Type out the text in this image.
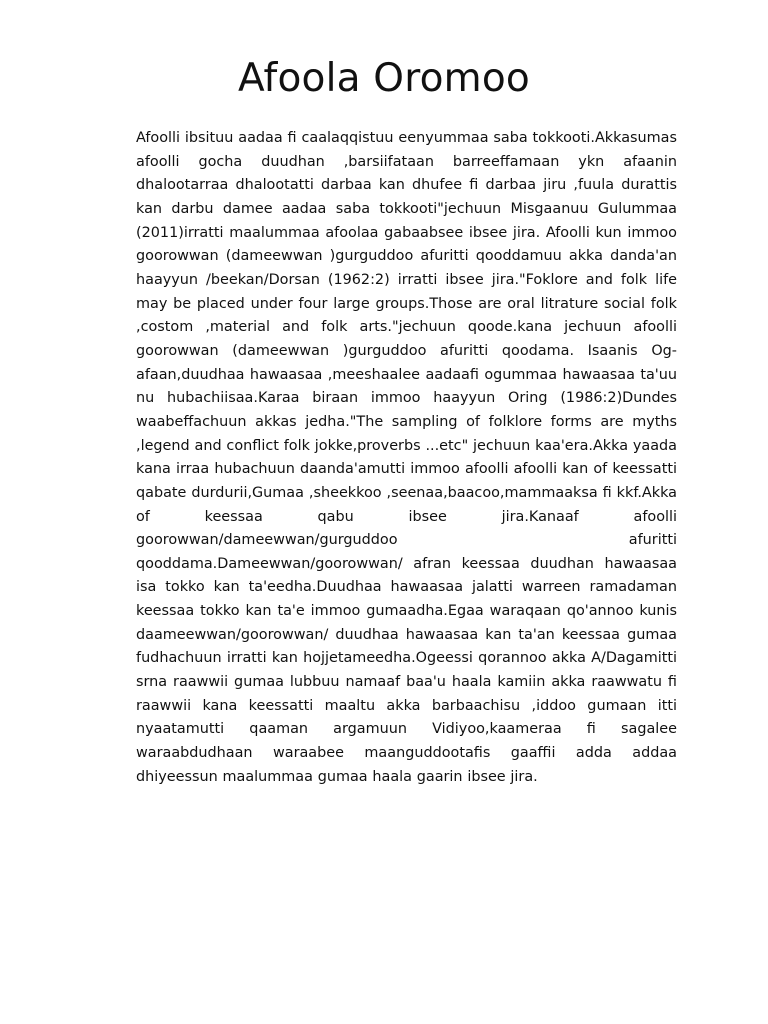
Afoola Oromoo

Afoolli ibsituu aadaa fi caalaqqistuu eenyummaa saba tokkooti.Akkasumas afoolli gocha duudhan ,barsiifataan barreeffamaan ykn afaanin dhalootarraa dhalootatti darbaa kan dhufee fi darbaa jiru ,fuula durattis kan darbu damee aadaa saba tokkooti"jechuun Misgaanuu Gulummaa (2011)irratti maalummaa afoolaa gabaabsee ibsee jira. Afoolli kun immoo goorowwan (dameewwan )gurguddoo afuritti qooddamuu akka danda'an haayyun /beekan/Dorsan (1962:2) irratti ibsee jira."Foklore and folk life may be placed under four large groups.Those are oral litrature social folk ,costom ,material and folk arts."jechuun qoode.kana jechuun afoolli goorowwan (dameewwan )gurguddoo afuritti qoodama. Isaanis Og-afaan,duudhaa hawaasaa ,meeshaalee aadaafi ogummaa hawaasaa ta'uu nu hubachiisaa.Karaa biraan immoo haayyun Oring (1986:2)Dundes waabeffachuun akkas jedha."The sampling of folklore forms are myths ,legend and conflict folk jokke,proverbs ...etc" jechuun kaa'era.Akka yaada kana irraa hubachuun daanda'amutti immoo afoolli afoolli kan of keessatti qabate durdurii,Gumaa ,sheekkoo ,seenaa,baacoo,mammaaksa fi kkf.Akka of keessaa qabu ibsee jira.Kanaaf afoolli goorowwan/dameewwan/gurguddoo afuritti qooddama.Dameewwan/goorowwan/ afran keessaa duudhan hawaasaa isa tokko kan ta'eedha.Duudhaa hawaasaa jalatti warreen ramadaman keessaa tokko kan ta'e immoo gumaadha.Egaa waraqaan qo'annoo kunis daameewwan/goorowwan/ duudhaa hawaasaa kan ta'an keessaa gumaa fudhachuun irratti kan hojjetameedha.Ogeessi qorannoo akka A/Dagamitti srna raawwii gumaa lubbuu namaaf baa'u haala kamiin akka raawwatu fi raawwii kana keessatti maaltu akka barbaachisu ,iddoo gumaan itti nyaatamutti qaaman argamuun Vidiyoo,kaameraa fi sagalee waraabdudhaan waraabee maanguddootafis gaaffii adda addaa dhiyeessun maalummaa gumaa haala gaarin ibsee jira.
